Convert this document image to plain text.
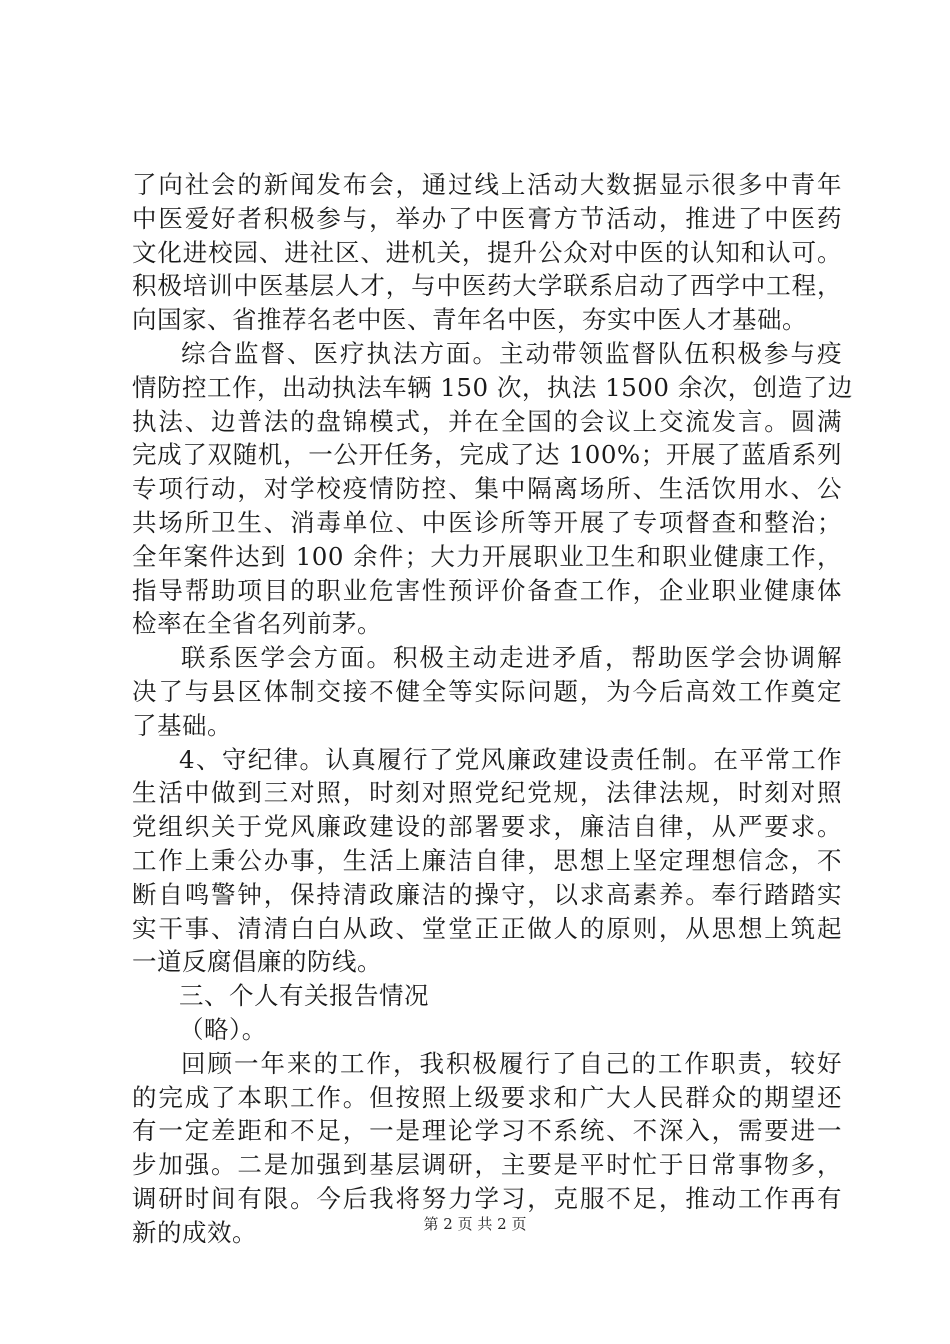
了向社会的新闻发布会，通过线上活动大数据显示很多中青年
中医爱好者积极参与，举办了中医膏方节活动，推进了中医药
文化进校园、进社区、进机关，提升公众对中医的认知和认可。
积极培训中医基层人才，与中医药大学联系启动了西学中工程，
向国家、省推荐名老中医、青年名中医，夯实中医人才基础。
综合监督、医疗执法方面。主动带领监督队伍积极参与疫
情防控工作，出动执法车辆 150 次，执法 1500 余次，创造了边
执法、边普法的盘锦模式，并在全国的会议上交流发言。圆满
完成了双随机，一公开任务，完成了达 100%；开展了蓝盾系列
专项行动，对学校疫情防控、集中隔离场所、生活饮用水、公
共场所卫生、消毒单位、中医诊所等开展了专项督查和整治；
全年案件达到 100 余件；大力开展职业卫生和职业健康工作，
指导帮助项目的职业危害性预评价备查工作，企业职业健康体
检率在全省名列前茅。
联系医学会方面。积极主动走进矛盾，帮助医学会协调解
决了与县区体制交接不健全等实际问题，为今后高效工作奠定
了基础。
4、守纪律。认真履行了党风廉政建设责任制。在平常工作
生活中做到三对照，时刻对照党纪党规，法律法规，时刻对照
党组织关于党风廉政建设的部署要求，廉洁自律，从严要求。
工作上秉公办事，生活上廉洁自律，思想上坚定理想信念，不
断自鸣警钟，保持清政廉洁的操守，以求高素养。奉行踏踏实
实干事、清清白白从政、堂堂正正做人的原则，从思想上筑起
一道反腐倡廉的防线。
三、个人有关报告情况
（略）。
回顾一年来的工作，我积极履行了自己的工作职责，较好
的完成了本职工作。但按照上级要求和广大人民群众的期望还
有一定差距和不足，一是理论学习不系统、不深入，需要进一
步加强。二是加强到基层调研，主要是平时忙于日常事物多，
调研时间有限。今后我将努力学习，克服不足，推动工作再有
新的成效。	第 2 页 共 2 页
